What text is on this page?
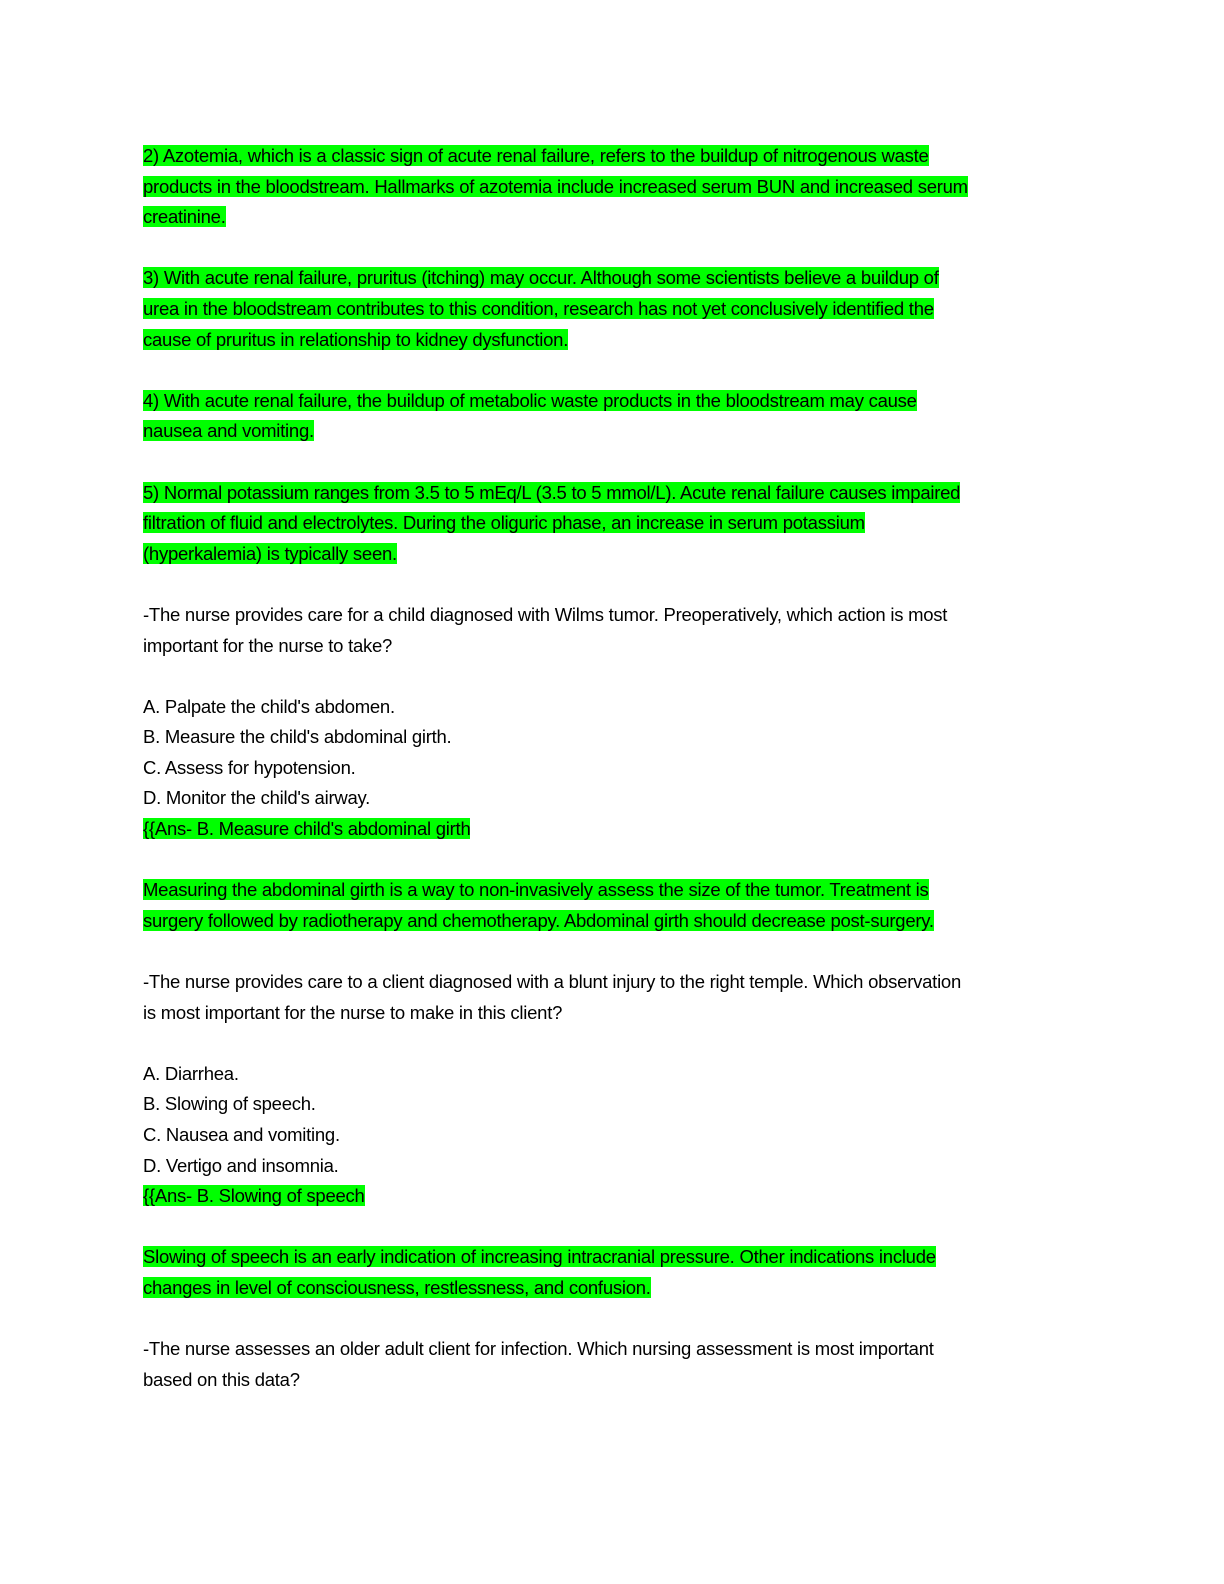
2) Azotemia, which is a classic sign of acute renal failure, refers to the buildup of nitrogenous waste
products in the bloodstream. Hallmarks of azotemia include increased serum BUN and increased serum
creatinine.
3) With acute renal failure, pruritus (itching) may occur. Although some scientists believe a buildup of
urea in the bloodstream contributes to this condition, research has not yet conclusively identified the
cause of pruritus in relationship to kidney dysfunction.
4) With acute renal failure, the buildup of metabolic waste products in the bloodstream may cause
nausea and vomiting.
5) Normal potassium ranges from 3.5 to 5 mEq/L (3.5 to 5 mmol/L). Acute renal failure causes impaired
filtration of fluid and electrolytes. During the oliguric phase, an increase in serum potassium
(hyperkalemia) is typically seen.
-The nurse provides care for a child diagnosed with Wilms tumor. Preoperatively, which action is most
important for the nurse to take?
A. Palpate the child's abdomen.
B. Measure the child's abdominal girth.
C. Assess for hypotension.
D. Monitor the child's airway.
{{Ans- B. Measure child's abdominal girth
Measuring the abdominal girth is a way to non-invasively assess the size of the tumor. Treatment is
surgery followed by radiotherapy and chemotherapy. Abdominal girth should decrease post-surgery.
-The nurse provides care to a client diagnosed with a blunt injury to the right temple. Which observation
is most important for the nurse to make in this client?
A. Diarrhea.
B. Slowing of speech.
C. Nausea and vomiting.
D. Vertigo and insomnia.
{{Ans- B. Slowing of speech
Slowing of speech is an early indication of increasing intracranial pressure. Other indications include
changes in level of consciousness, restlessness, and confusion.
-The nurse assesses an older adult client for infection. Which nursing assessment is most important
based on this data?
